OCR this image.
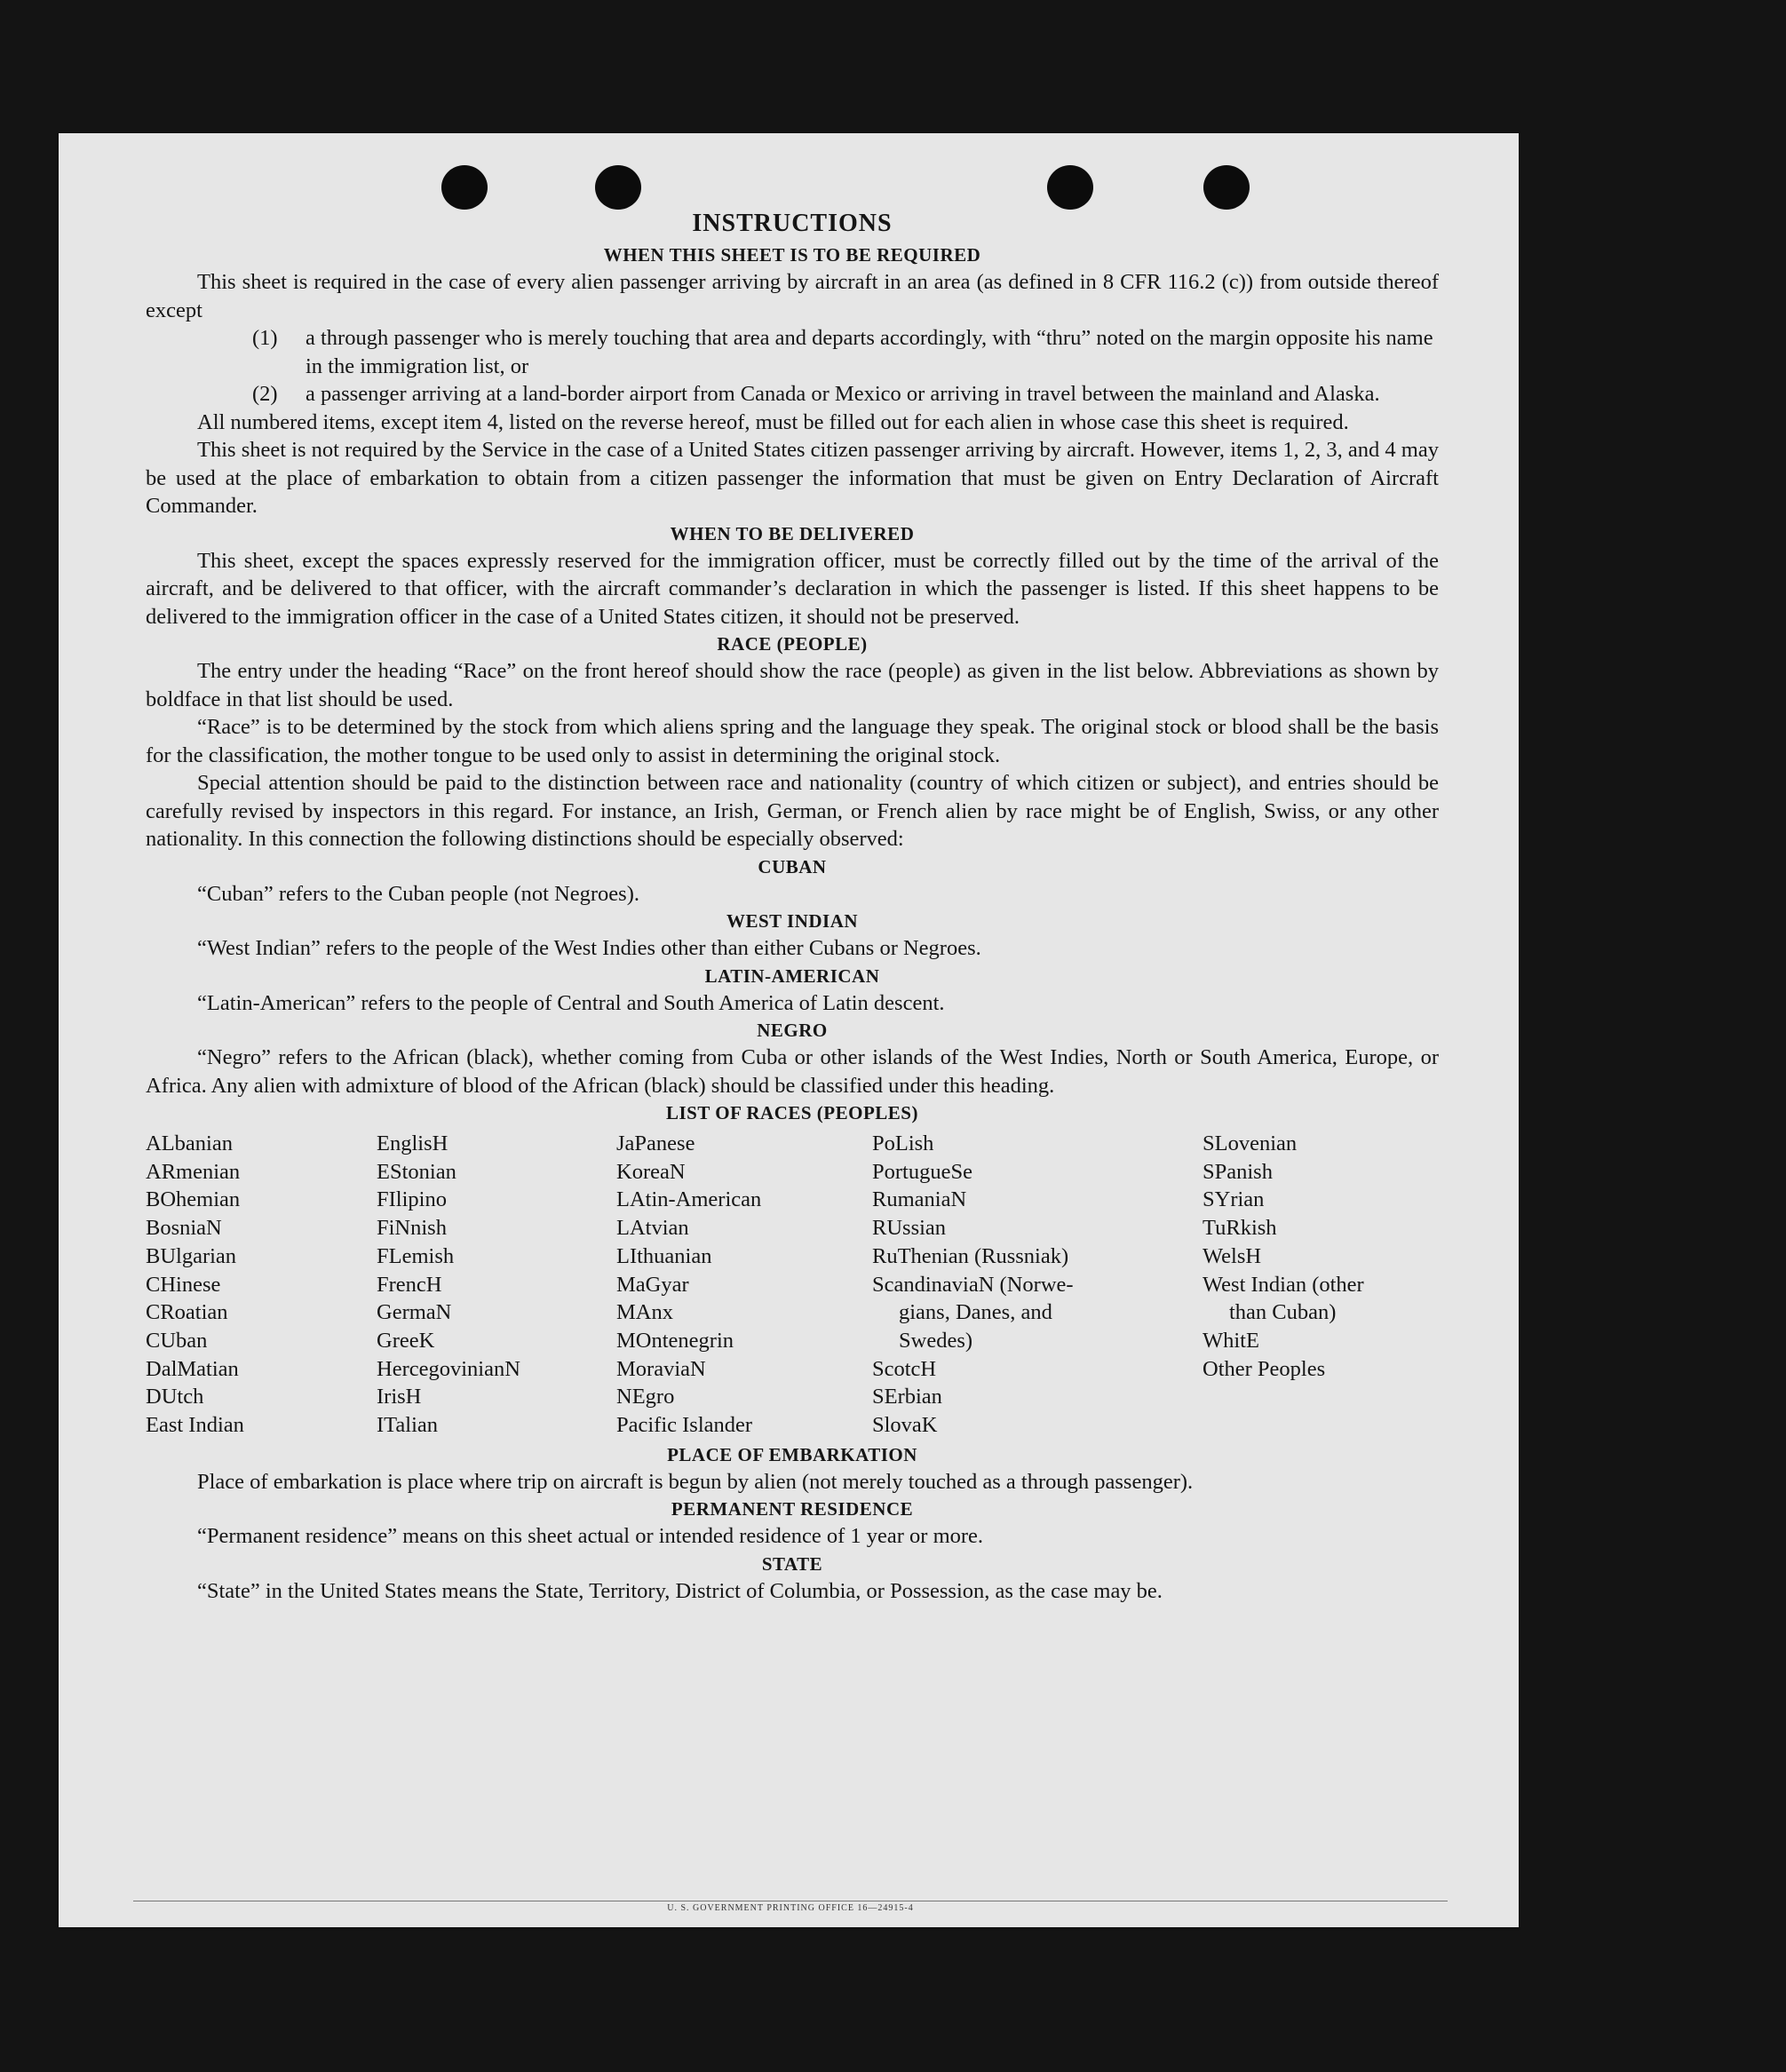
INSTRUCTIONS
WHEN THIS SHEET IS TO BE REQUIRED
This sheet is required in the case of every alien passenger arriving by aircraft in an area (as defined in 8 CFR 116.2 (c)) from outside thereof except
(1)	a through passenger who is merely touching that area and departs accordingly, with “thru” noted on the margin opposite his name in the immigration list, or
(2)	a passenger arriving at a land-border airport from Canada or Mexico or arriving in travel between the mainland and Alaska.
All numbered items, except item 4, listed on the reverse hereof, must be filled out for each alien in whose case this sheet is required.
This sheet is not required by the Service in the case of a United States citizen passenger arriving by aircraft. However, items 1, 2, 3, and 4 may be used at the place of embarkation to obtain from a citizen passenger the information that must be given on Entry Declaration of Aircraft Commander.
WHEN TO BE DELIVERED
This sheet, except the spaces expressly reserved for the immigration officer, must be correctly filled out by the time of the arrival of the aircraft, and be delivered to that officer, with the aircraft commander’s declaration in which the passenger is listed. If this sheet happens to be delivered to the immigration officer in the case of a United States citizen, it should not be preserved.
RACE (PEOPLE)
The entry under the heading “Race” on the front hereof should show the race (people) as given in the list below. Abbreviations as shown by boldface in that list should be used.
“Race” is to be determined by the stock from which aliens spring and the language they speak. The original stock or blood shall be the basis for the classification, the mother tongue to be used only to assist in determining the original stock.
Special attention should be paid to the distinction between race and nationality (country of which citizen or subject), and entries should be carefully revised by inspectors in this regard. For instance, an Irish, German, or French alien by race might be of English, Swiss, or any other nationality. In this connection the following distinctions should be especially observed:
CUBAN
“Cuban” refers to the Cuban people (not Negroes).
WEST INDIAN
“West Indian” refers to the people of the West Indies other than either Cubans or Negroes.
LATIN-AMERICAN
“Latin-American” refers to the people of Central and South America of Latin descent.
NEGRO
“Negro” refers to the African (black), whether coming from Cuba or other islands of the West Indies, North or South America, Europe, or Africa. Any alien with admixture of blood of the African (black) should be classified under this heading.
LIST OF RACES (PEOPLES)
ALbanian
ARmenian
BOhemian
BosniaN
BUlgarian
CHinese
CRoatian
CUban
DalMatian
DUtch
East Indian
EnglisH
EStonian
FIlipino
FiNnish
FLemish
FrencH
GermaN
GreeK
HercegovinianN
IrisH
ITalian
JaPanese
KoreaN
LAtin-American
LAtvian
LIthuanian
MaGyar
MAnx
MOntenegrin
MoraviaN
NEgro
Pacific Islander
PoLish
PortugueSe
RumaniaN
RUssian
RuThenian (Russniak)
ScandinaviaN (Norwe-
gians, Danes, and
Swedes)
ScotcH
SErbian
SlovaK
SLovenian
SPanish
SYrian
TuRkish
WelsH
West Indian (other
than Cuban)
WhitE
Other Peoples
PLACE OF EMBARKATION
Place of embarkation is place where trip on aircraft is begun by alien (not merely touched as a through passenger).
PERMANENT RESIDENCE
“Permanent residence” means on this sheet actual or intended residence of 1 year or more.
STATE
“State” in the United States means the State, Territory, District of Columbia, or Possession, as the case may be.
U. S. GOVERNMENT PRINTING OFFICE 16—24915-4
